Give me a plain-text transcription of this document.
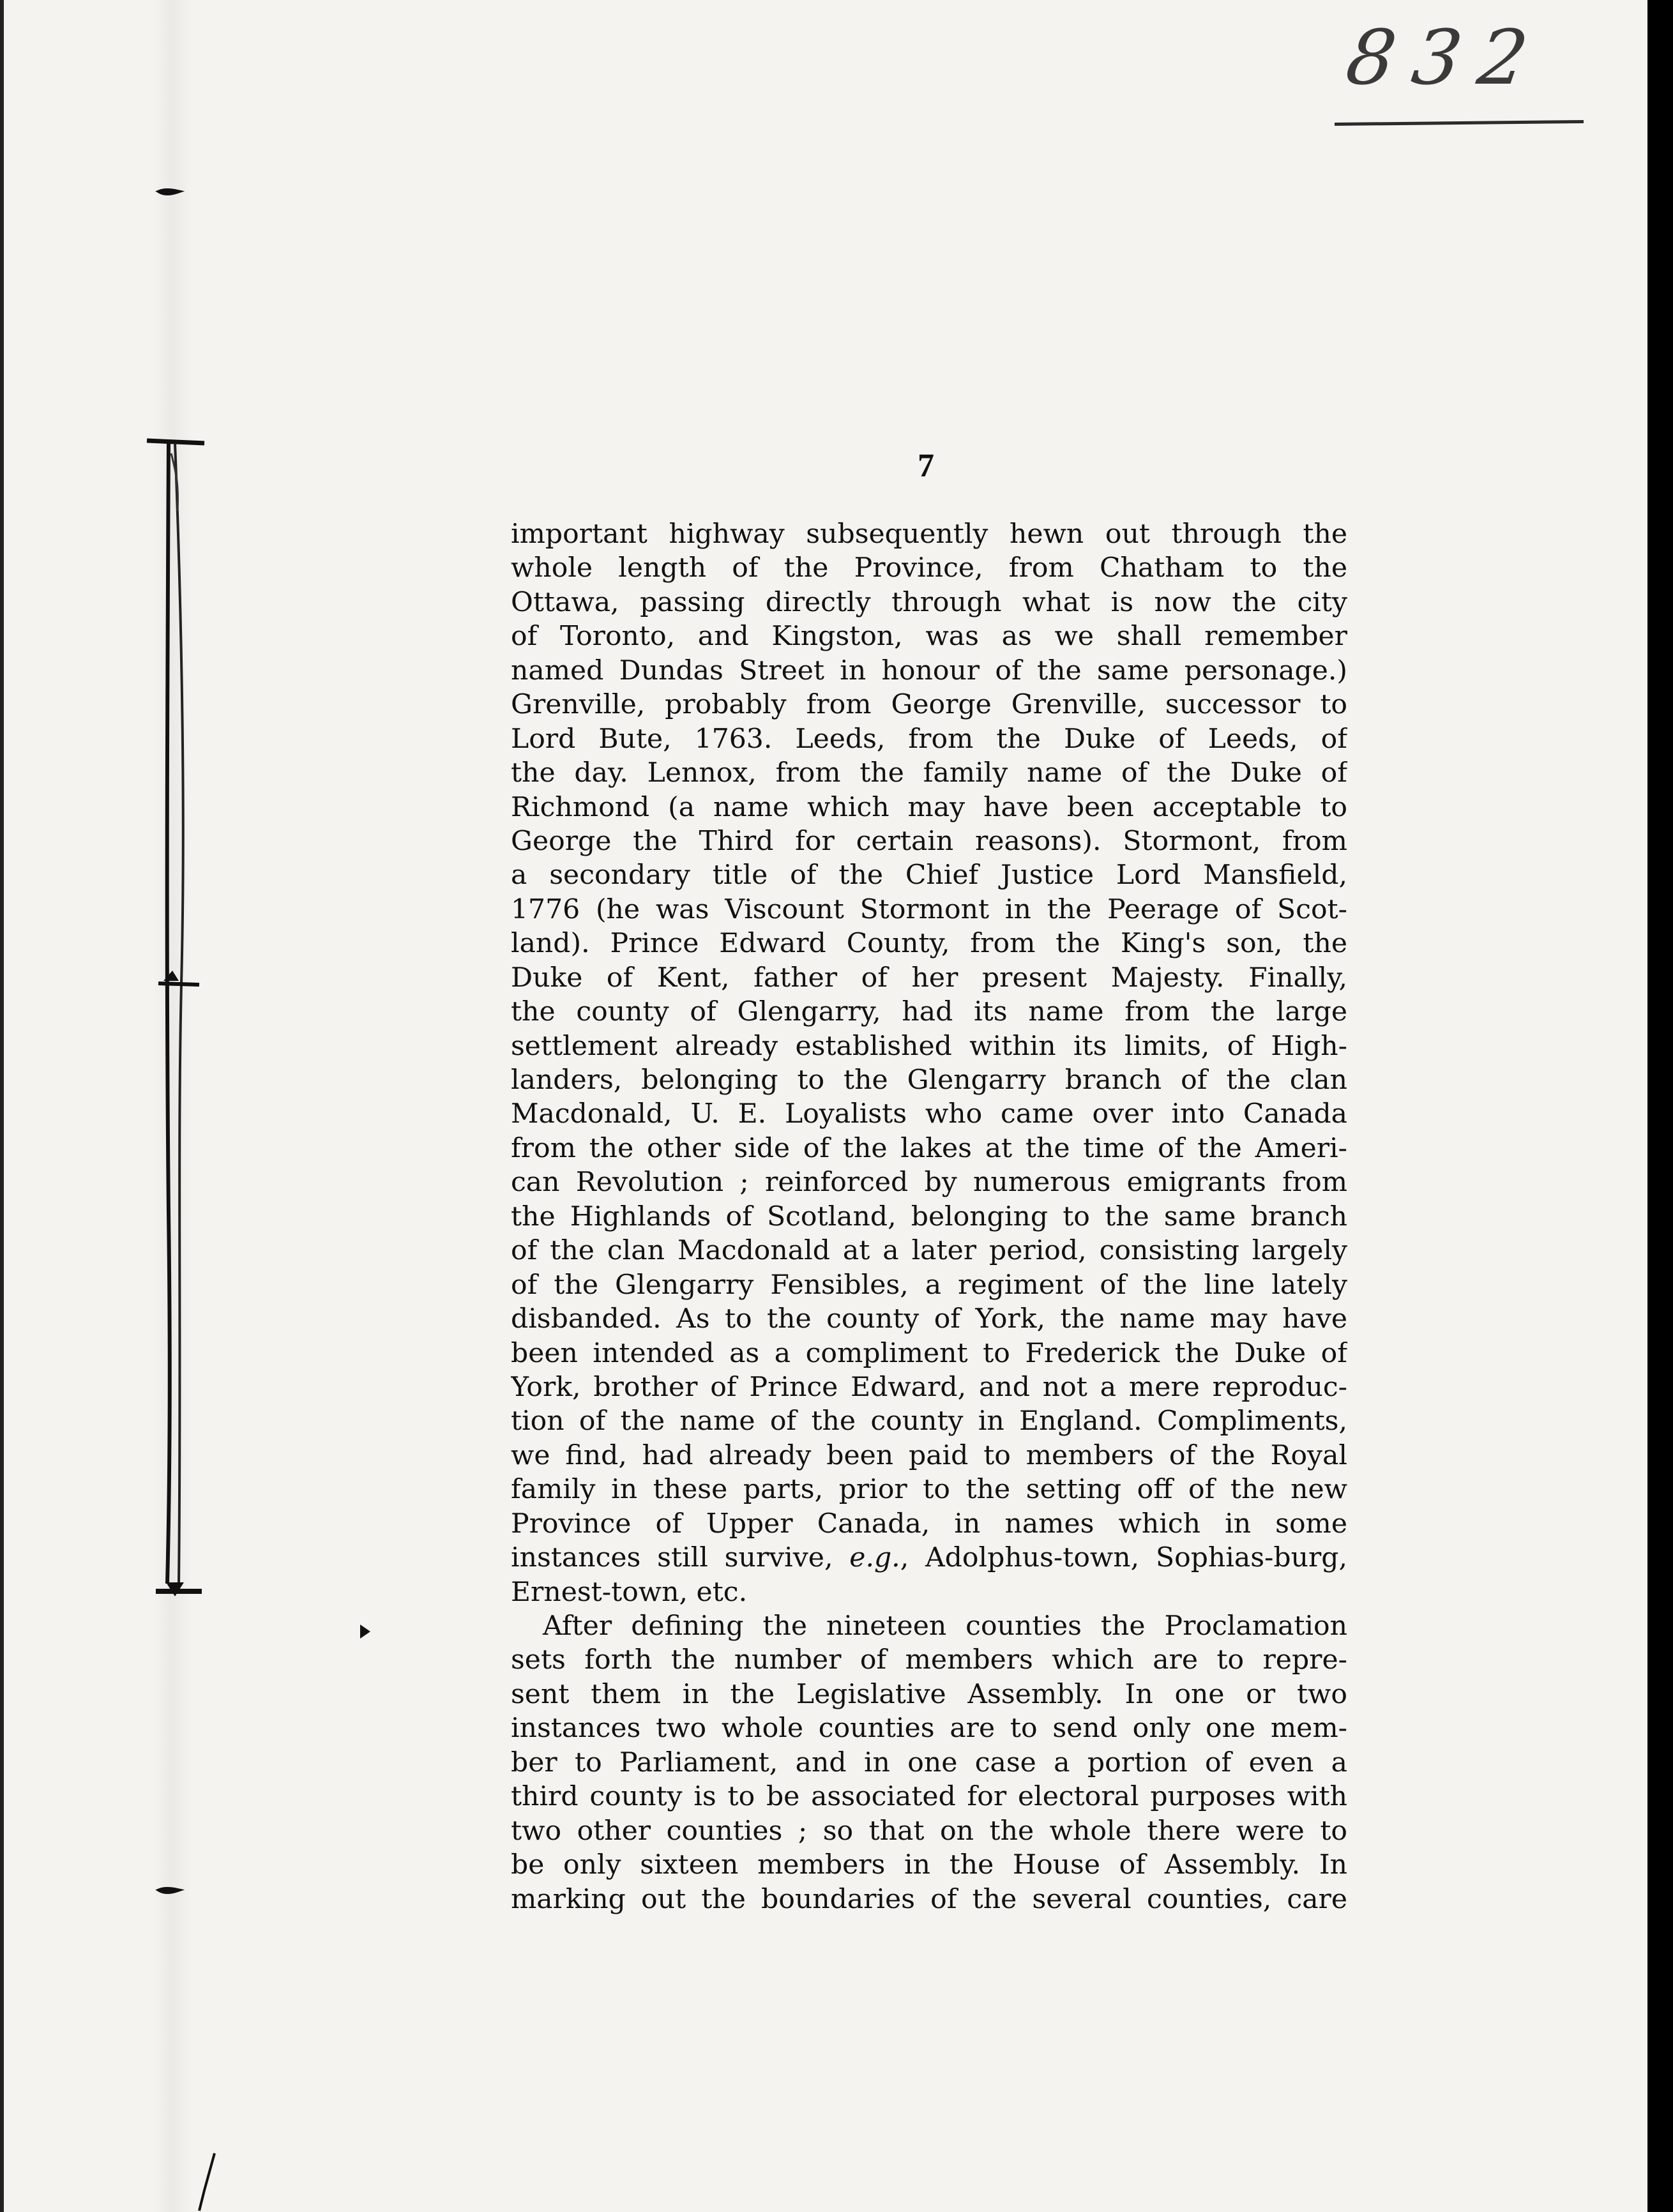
832
7
important highway subsequently hewn out through the
whole length of the Province, from Chatham to the
Ottawa, passing directly through what is now the city
of Toronto, and Kingston, was as we shall remember
named Dundas Street in honour of the same personage.)
Grenville, probably from George Grenville, successor to
Lord Bute, 1763. Leeds, from the Duke of Leeds, of
the day. Lennox, from the family name of the Duke of
Richmond (a name which may have been acceptable to
George the Third for certain reasons). Stormont, from
a secondary title of the Chief Justice Lord Mansfield,
1776 (he was Viscount Stormont in the Peerage of Scot-
land). Prince Edward County, from the King's son, the
Duke of Kent, father of her present Majesty. Finally,
the county of Glengarry, had its name from the large
settlement already established within its limits, of High-
landers, belonging to the Glengarry branch of the clan
Macdonald, U. E. Loyalists who came over into Canada
from the other side of the lakes at the time of the Ameri-
can Revolution ; reinforced by numerous emigrants from
the Highlands of Scotland, belonging to the same branch
of the clan Macdonald at a later period, consisting largely
of the Glengarry Fensibles, a regiment of the line lately
disbanded. As to the county of York, the name may have
been intended as a compliment to Frederick the Duke of
York, brother of Prince Edward, and not a mere reproduc-
tion of the name of the county in England. Compliments,
we find, had already been paid to members of the Royal
family in these parts, prior to the setting off of the new
Province of Upper Canada, in names which in some
instances still survive, e.g., Adolphus-town, Sophias-burg,
Ernest-town, etc.
After defining the nineteen counties the Proclamation
sets forth the number of members which are to repre-
sent them in the Legislative Assembly. In one or two
instances two whole counties are to send only one mem-
ber to Parliament, and in one case a portion of even a
third county is to be associated for electoral purposes with
two other counties ; so that on the whole there were to
be only sixteen members in the House of Assembly. In
marking out the boundaries of the several counties, care
